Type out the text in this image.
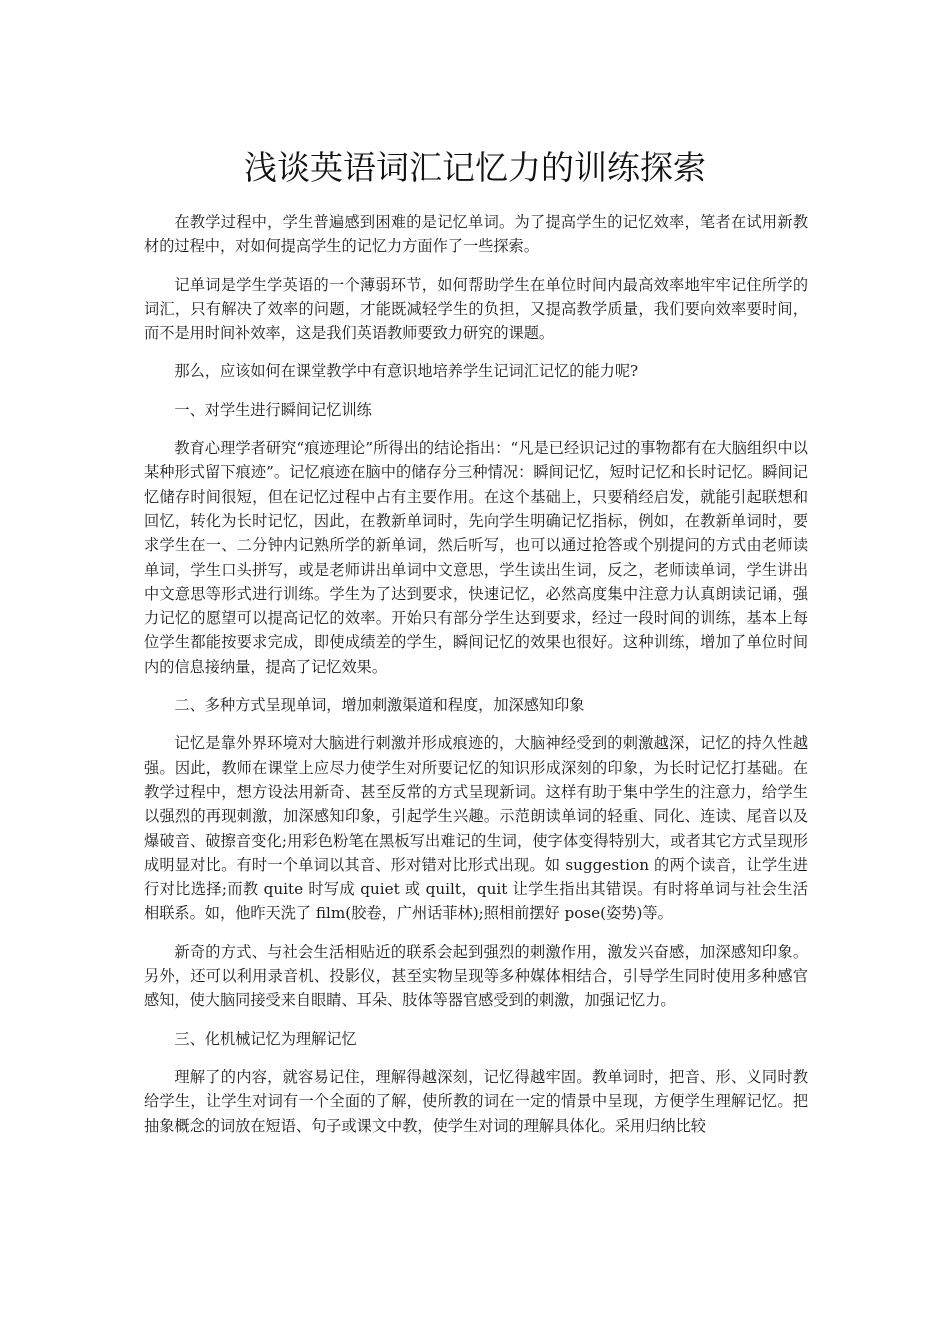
浅谈英语词汇记忆力的训练探索

在教学过程中，学生普遍感到困难的是记忆单词。为了提高学生的记忆效率，笔者在试用新教材的过程中，对如何提高学生的记忆力方面作了一些探索。

记单词是学生学英语的一个薄弱环节，如何帮助学生在单位时间内最高效率地牢牢记住所学的词汇，只有解决了效率的问题，才能既减轻学生的负担，又提高教学质量，我们要向效率要时间，而不是用时间补效率，这是我们英语教师要致力研究的课题。

那么，应该如何在课堂教学中有意识地培养学生记词汇记忆的能力呢?

一、对学生进行瞬间记忆训练

教育心理学者研究“痕迹理论”所得出的结论指出：“凡是已经识记过的事物都有在大脑组织中以某种形式留下痕迹”。记忆痕迹在脑中的储存分三种情况：瞬间记忆，短时记忆和长时记忆。瞬间记忆储存时间很短，但在记忆过程中占有主要作用。在这个基础上，只要稍经启发，就能引起联想和回忆，转化为长时记忆，因此，在教新单词时，先向学生明确记忆指标，例如，在教新单词时，要求学生在一、二分钟内记熟所学的新单词，然后听写，也可以通过抢答或个别提问的方式由老师读单词，学生口头拼写，或是老师讲出单词中文意思，学生读出生词，反之，老师读单词，学生讲出中文意思等形式进行训练。学生为了达到要求，快速记忆，必然高度集中注意力认真朗读记诵，强力记忆的愿望可以提高记忆的效率。开始只有部分学生达到要求，经过一段时间的训练，基本上每位学生都能按要求完成，即使成绩差的学生，瞬间记忆的效果也很好。这种训练，增加了单位时间内的信息接纳量，提高了记忆效果。

二、多种方式呈现单词，增加刺激渠道和程度，加深感知印象

记忆是靠外界环境对大脑进行刺激并形成痕迹的，大脑神经受到的刺激越深，记忆的持久性越强。因此，教师在课堂上应尽力使学生对所要记忆的知识形成深刻的印象，为长时记忆打基础。在教学过程中，想方设法用新奇、甚至反常的方式呈现新词。这样有助于集中学生的注意力，给学生以强烈的再现刺激，加深感知印象，引起学生兴趣。示范朗读单词的轻重、同化、连读、尾音以及爆破音、破擦音变化;用彩色粉笔在黑板写出难记的生词，使字体变得特别大，或者其它方式呈现形成明显对比。有时一个单词以其音、形对错对比形式出现。如 suggestion 的两个读音，让学生进行对比选择;而教 quite 时写成 quiet 或 quilt，quit 让学生指出其错误。有时将单词与社会生活相联系。如，他昨天洗了 film(胶卷，广州话菲林);照相前摆好 pose(姿势)等。

新奇的方式、与社会生活相贴近的联系会起到强烈的刺激作用，激发兴奋感，加深感知印象。另外，还可以利用录音机、投影仪，甚至实物呈现等多种媒体相结合，引导学生同时使用多种感官感知，使大脑同接受来自眼睛、耳朵、肢体等器官感受到的刺激，加强记忆力。

三、化机械记忆为理解记忆

理解了的内容，就容易记住，理解得越深刻，记忆得越牢固。教单词时，把音、形、义同时教给学生，让学生对词有一个全面的了解，使所教的词在一定的情景中呈现，方便学生理解记忆。把抽象概念的词放在短语、句子或课文中教，使学生对词的理解具体化。采用归纳比较
